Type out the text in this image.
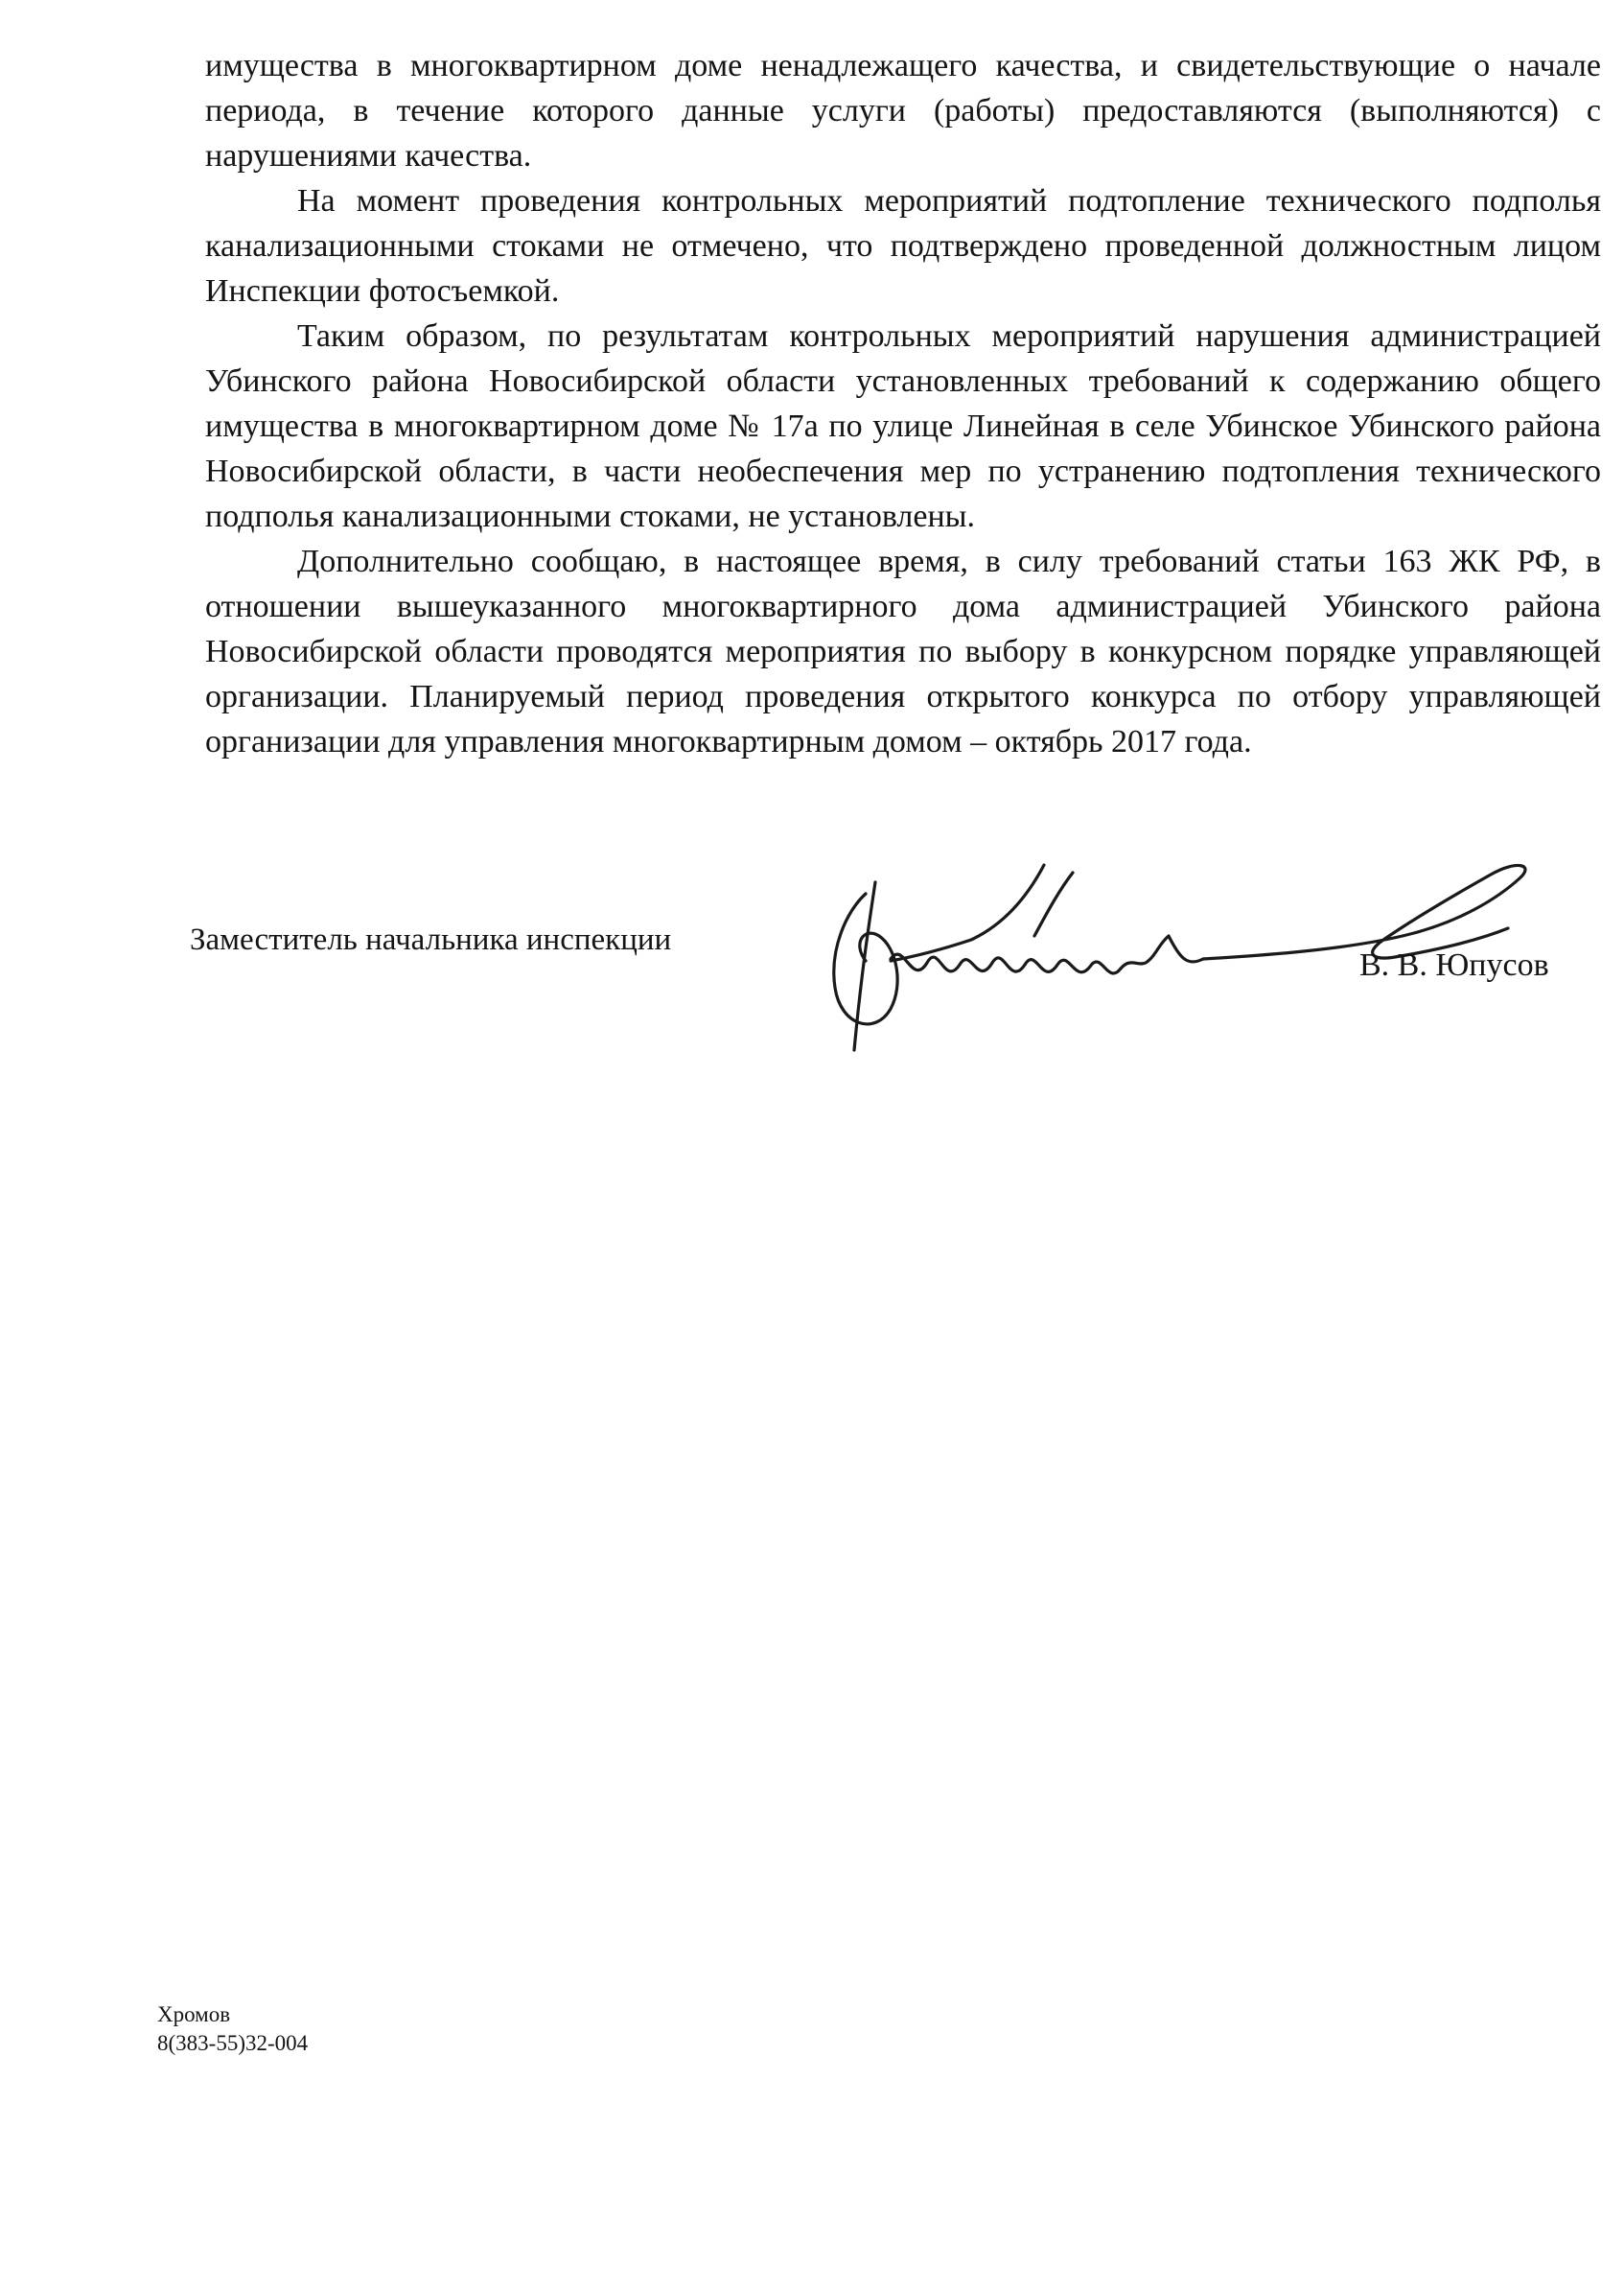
имущества в многоквартирном доме ненадлежащего качества, и свидетельствующие о начале периода, в течение которого данные услуги (работы) предоставляются (выполняются) с нарушениями качества.

На момент проведения контрольных мероприятий подтопление технического подполья канализационными стоками не отмечено, что подтверждено проведенной должностным лицом Инспекции фотосъемкой.

Таким образом, по результатам контрольных мероприятий нарушения администрацией Убинского района Новосибирской области установленных требований к содержанию общего имущества в многоквартирном доме № 17а по улице Линейная в селе Убинское Убинского района Новосибирской области, в части необеспечения мер по устранению подтопления технического подполья канализационными стоками, не установлены.

Дополнительно сообщаю, в настоящее время, в силу требований статьи 163 ЖК РФ, в отношении вышеуказанного многоквартирного дома администрацией Убинского района Новосибирской области проводятся мероприятия по выбору в конкурсном порядке управляющей организации. Планируемый период проведения открытого конкурса по отбору управляющей организации для управления многоквартирным домом – октябрь 2017 года.

Заместитель начальника инспекции
В. В. Юпусов
Хромов
8(383-55)32-004
